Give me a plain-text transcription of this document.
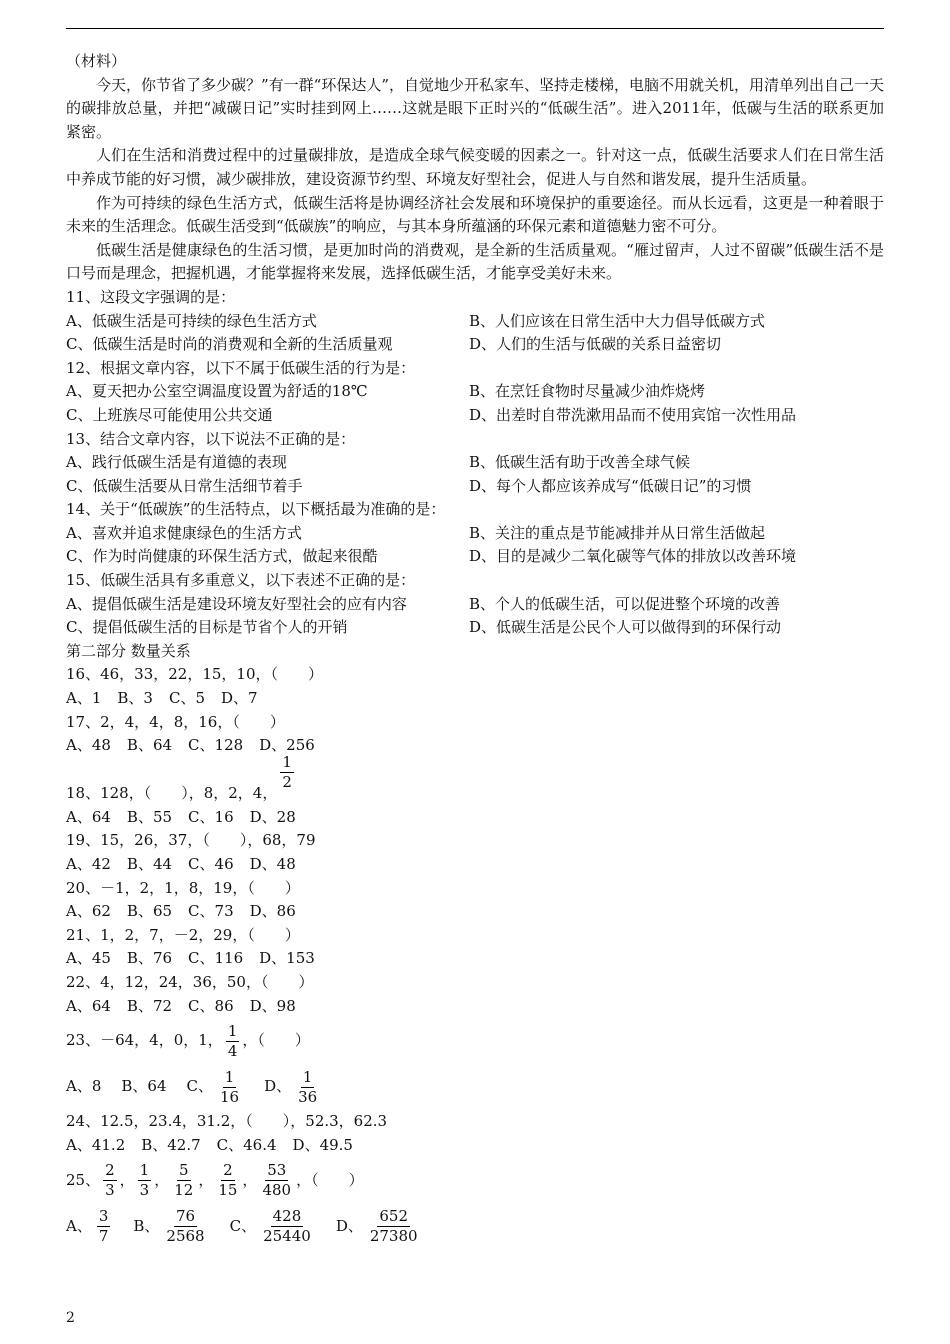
（材料）
今天，你节省了多少碳？”有一群“环保达人”，自觉地少开私家车、坚持走楼梯，电脑不用就关机，用清单列出自己一天的碳排放总量，并把“减碳日记”实时挂到网上……这就是眼下正时兴的“低碳生活”。进入2011年，低碳与生活的联系更加紧密。
人们在生活和消费过程中的过量碳排放，是造成全球气候变暖的因素之一。针对这一点，低碳生活要求人们在日常生活中养成节能的好习惯，减少碳排放，建设资源节约型、环境友好型社会，促进人与自然和谐发展，提升生活质量。
作为可持续的绿色生活方式，低碳生活将是协调经济社会发展和环境保护的重要途径。而从长远看，这更是一种着眼于未来的生活理念。低碳生活受到“低碳族”的响应，与其本身所蕴涵的环保元素和道德魅力密不可分。
低碳生活是健康绿色的生活习惯，是更加时尚的消费观，是全新的生活质量观。“雁过留声，人过不留碳”低碳生活不是口号而是理念，把握机遇，才能掌握将来发展，选择低碳生活，才能享受美好未来。
11、这段文字强调的是：
A、低碳生活是可持续的绿色生活方式	B、人们应该在日常生活中大力倡导低碳方式
C、低碳生活是时尚的消费观和全新的生活质量观	D、人们的生活与低碳的关系日益密切
12、根据文章内容，以下不属于低碳生活的行为是：
A、夏天把办公室空调温度设置为舒适的18℃	B、在烹饪食物时尽量减少油炸烧烤
C、上班族尽可能使用公共交通	D、出差时自带洗漱用品而不使用宾馆一次性用品
13、结合文章内容，以下说法不正确的是：
A、践行低碳生活是有道德的表现	B、低碳生活有助于改善全球气候
C、低碳生活要从日常生活细节着手	D、每个人都应该养成写“低碳日记”的习惯
14、关于“低碳族”的生活特点，以下概括最为准确的是：
A、喜欢并追求健康绿色的生活方式	B、关注的重点是节能减排并从日常生活做起
C、作为时尚健康的环保生活方式，做起来很酷	D、目的是减少二氧化碳等气体的排放以改善环境
15、低碳生活具有多重意义，以下表述不正确的是：
A、提倡低碳生活是建设环境友好型社会的应有内容	B、个人的低碳生活，可以促进整个环境的改善
C、提倡低碳生活的目标是节省个人的开销	D、低碳生活是公民个人可以做得到的环保行动
第二部分 数量关系
16、46，33，22，15，10，（　　）
A、1 B、3 C、5 D、7
17、2，4，4，8，16，（　　）
A、48 B、64 C、128 D、256
18、128，（　　），8，2，4，
$\frac{1}{2}$
A、64 B、55 C、16 D、28
19、15，26，37，（　　），68，79
A、42 B、44 C、46 D、48
20、－1，2，1，8，19，（　　）
A、62 B、65 C、73 D、86
21、1，2，7，－2，29，（　　）
A、45 B、76 C、116 D、153
22、4，12，24，36，50，（　　）
A、64 B、72 C、86 D、98
23、－64，4，0，1， $\frac{1}{4}$ ，（　　）
A、8 B、64 C、 $\frac{1}{16}$ D、 $\frac{1}{36}$
24、12.5，23.4，31.2，（　　），52.3，62.3
A、41.2 B、42.7 C、46.4 D、49.5
25、 $\frac{2}{3}$ ， $\frac{1}{3}$ ， $\frac{5}{12}$ ， $\frac{2}{15}$ ， $\frac{53}{480}$ ，（　　）
A、 $\frac{3}{7}$ B、 $\frac{76}{2568}$ C、 $\frac{428}{25440}$ D、 $\frac{652}{27380}$
2
